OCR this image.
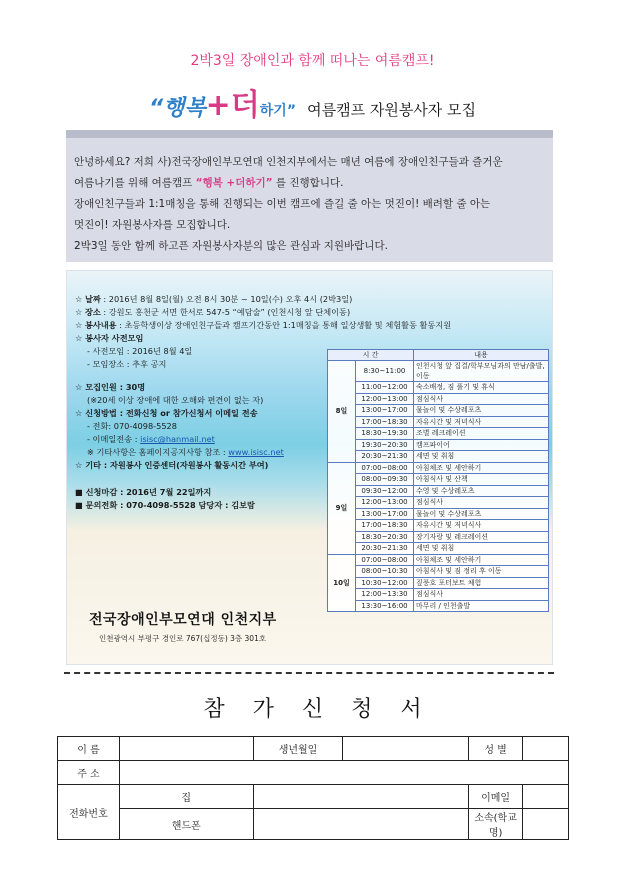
2박3일 장애인과 함께 떠나는 여름캠프!
“행복+더하기” 여름캠프 자원봉사자 모집

안녕하세요? 저희 사)전국장애인부모연대 인천지부에서는 매년 여름에 장애인친구들과 즐거운

여름나기를 위해 여름캠프 “행복 +더하기” 를 진행합니다.

장애인친구들과 1:1매칭을 통해 진행되는 이번 캠프에 즐길 줄 아는 멋진이! 배려할 줄 아는

멋진이! 자원봉사자를 모집합니다.

2박3일 동안 함께 하고픈 자원봉사자분의 많은 관심과 지원바랍니다.

☆ 날짜 : 2016년 8월 8일(월) 오전 8시 30분 ~ 10일(수) 오후 4시 (2박3일)
☆ 장소 : 강원도 홍천군 서면 한서로 547-5 “예담술” (인천시청 앞 단체이동)
☆ 봉사내용 : 초등학생이상 장애인친구들과 캠프기간동안 1:1매칭을 통해 일상생활 및 체험활동 활동지원
☆ 봉사자 사전모임
- 사전모임 : 2016년 8월 4일
- 모임장소 : 추후 공지
☆ 모집인원 : 30명
(※20세 이상 장애에 대한 오해와 편견이 없는 자)
☆ 신청방법 : 전화신청 or 참가신청서 이메일 전송
- 전화: 070-4098-5528
- 이메일전송 : isisc@hanmail.net
※ 기타사항은 홈페이지공지사항 참조 : www.isisc.net
☆ 기타 : 자원봉사 인증센터(자원봉사 활동시간 부여)
■ 신청마감 : 2016년 7월 22일까지
■ 문의전화 : 070-4098-5528 담당자 : 김보람
시 간		내용
8일	8:30~11:00	인천시청 앞 집결/학부모님과의 만남/출발, 이동
	11:00~12:00	숙소배정, 짐 풀기 및 휴식
	12:00~13:00	점심식사
	13:00~17:00	물놀이 및 수상레포츠
	17:00~18:30	자유시간 및 저녁식사
	18:30~19:30	조별 레크레이션
	19:30~20:30	캠프파이어
	20:30~21:30	세면 및 취침
9일	07:00~08:00	아침체조 및 세안하기
	08:00~09:30	아침식사 및 산책
	09:30~12:00	수영 및 수상레포츠
	12:00~13:00	점심식사
	13:00~17:00	물놀이 및 수상레포츠
	17:00~18:30	자유시간 및 저녁식사
	18:30~20:30	장기자랑 및 레크레이션
	20:30~21:30	세면 및 취침
10일	07:00~08:00	아침체조 및 세안하기
	08:00~10:30	아침식사 및 짐 정리 후 이동
	10:30~12:00	짚풍호 포터보트 체험
	12:00~13:30	점심식사
	13:30~16:00	마무리 / 인천출발
전국장애인부모연대 인천지부
인천광역시 부평구 경인로 767(십정동) 3층 301호
참가신청서
이 름		생년월일		성 별	
주 소					
전화번호	집			이메일	
	핸드폰			소속(학교명)	
